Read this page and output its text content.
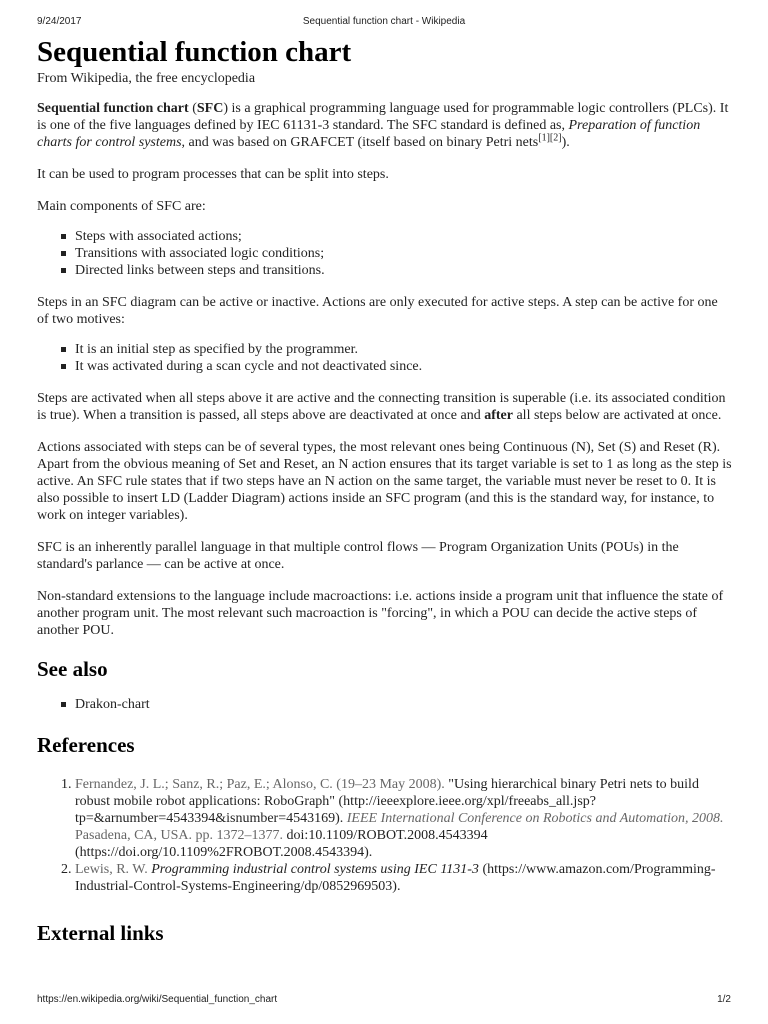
9/24/2017	Sequential function chart - Wikipedia
Sequential function chart
From Wikipedia, the free encyclopedia

Sequential function chart (SFC) is a graphical programming language used for programmable logic controllers (PLCs). It is one of the five languages defined by IEC 61131-3 standard. The SFC standard is defined as, Preparation of function charts for control systems, and was based on GRAFCET (itself based on binary Petri nets[1][2]).

It can be used to program processes that can be split into steps.

Main components of SFC are:

Steps with associated actions;
Transitions with associated logic conditions;
Directed links between steps and transitions.

Steps in an SFC diagram can be active or inactive. Actions are only executed for active steps. A step can be active for one of two motives:

It is an initial step as specified by the programmer.
It was activated during a scan cycle and not deactivated since.

Steps are activated when all steps above it are active and the connecting transition is superable (i.e. its associated condition is true). When a transition is passed, all steps above are deactivated at once and after all steps below are activated at once.

Actions associated with steps can be of several types, the most relevant ones being Continuous (N), Set (S) and Reset (R). Apart from the obvious meaning of Set and Reset, an N action ensures that its target variable is set to 1 as long as the step is active. An SFC rule states that if two steps have an N action on the same target, the variable must never be reset to 0. It is also possible to insert LD (Ladder Diagram) actions inside an SFC program (and this is the standard way, for instance, to work on integer variables).

SFC is an inherently parallel language in that multiple control flows — Program Organization Units (POUs) in the standard's parlance — can be active at once.

Non-standard extensions to the language include macroactions: i.e. actions inside a program unit that influence the state of another program unit. The most relevant such macroaction is "forcing", in which a POU can decide the active steps of another POU.

See also
Drakon-chart
References
1. Fernandez, J. L.; Sanz, R.; Paz, E.; Alonso, C. (19–23 May 2008). "Using hierarchical binary Petri nets to build robust mobile robot applications: RoboGraph" (http://ieeexplore.ieee.org/xpl/freeabs_all.jsp?tp=&arnumber=4543394&isnumber=4543169). IEEE International Conference on Robotics and Automation, 2008. Pasadena, CA, USA. pp. 1372–1377. doi:10.1109/ROBOT.2008.4543394 (https://doi.org/10.1109%2FROBOT.2008.4543394).
2. Lewis, R. W. Programming industrial control systems using IEC 1131-3 (https://www.amazon.com/Programming-Industrial-Control-Systems-Engineering/dp/0852969503).
External links
https://en.wikipedia.org/wiki/Sequential_function_chart	1/2
